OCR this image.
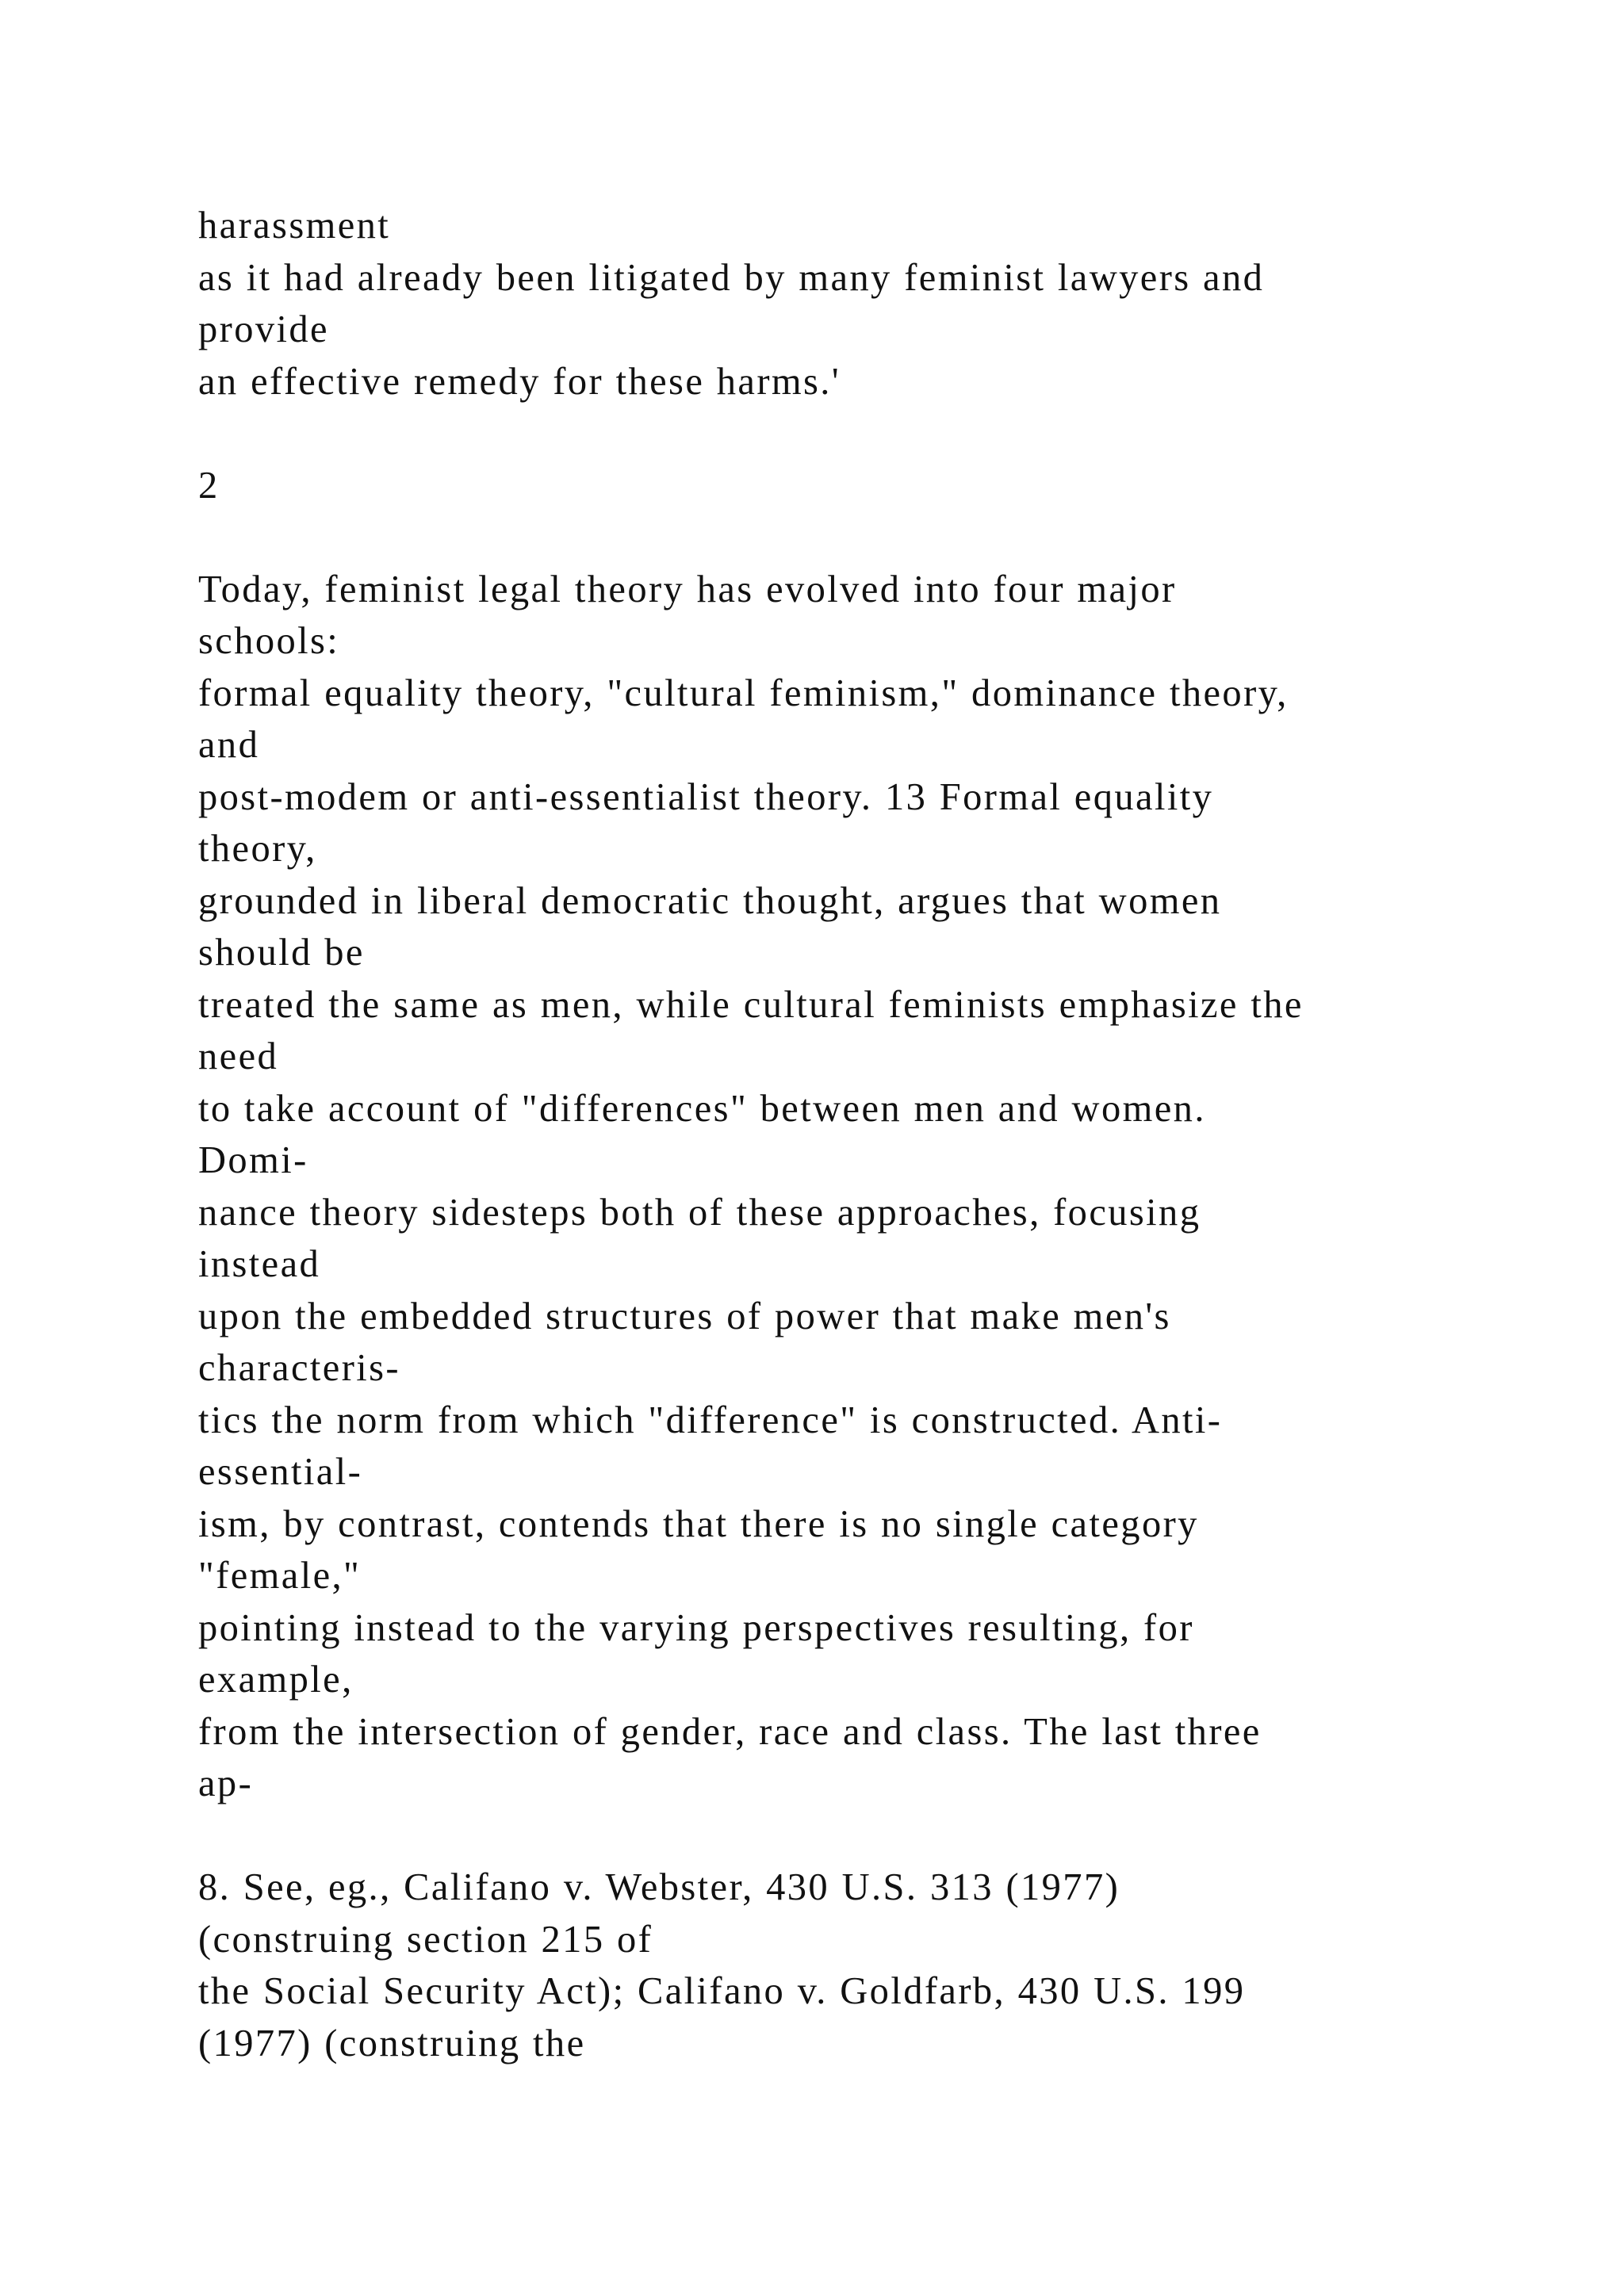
harassment
as it had already been litigated by many feminist lawyers and
provide
an effective remedy for these harms.'
2
Today, feminist legal theory has evolved into four major
schools:
formal equality theory, "cultural feminism," dominance theory,
and
post-modem or anti-essentialist theory. 13 Formal equality
theory,
grounded in liberal democratic thought, argues that women
should be
treated the same as men, while cultural feminists emphasize the
need
to take account of "differences" between men and women.
Domi-
nance theory sidesteps both of these approaches, focusing
instead
upon the embedded structures of power that make men's
characteris-
tics the norm from which "difference" is constructed. Anti-
essential-
ism, by contrast, contends that there is no single category
"female,"
pointing instead to the varying perspectives resulting, for
example,
from the intersection of gender, race and class. The last three
ap-
8. See, eg., Califano v. Webster, 430 U.S. 313 (1977)
(construing section 215 of
the Social Security Act); Califano v. Goldfarb, 430 U.S. 199
(1977) (construing the
